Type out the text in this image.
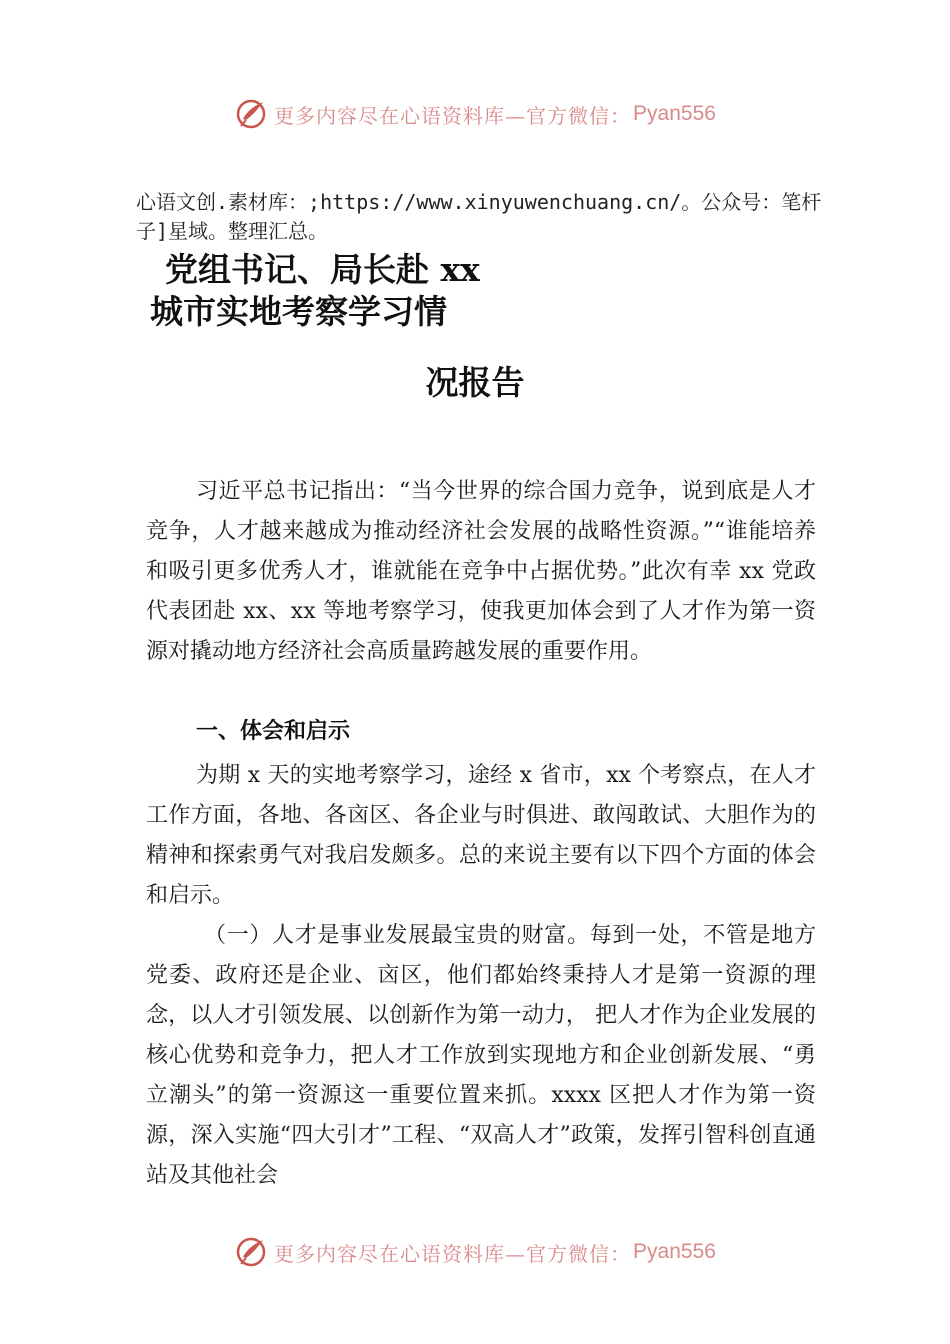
更多内容尽在心语资料库—官方微信： Pyan556

心语文创.素材库：;https://www.xinyuwenchuang.cn/。公众号：笔杆子]星域。整理汇总。

党组书记、局长赴 xx
城市实地考察学习情
况报告

习近平总书记指出：“当今世界的综合国力竞争，说到底是人才竞争，人才越来越成为推动经济社会发展的战略性资源。”“谁能培养和吸引更多优秀人才，谁就能在竞争中占据优势。”此次有幸 xx 党政代表团赴 xx、xx 等地考察学习，使我更加体会到了人才作为第一资源对撬动地方经济社会高质量跨越发展的重要作用。

一、体会和启示

为期 x 天的实地考察学习，途经 x 省市，xx 个考察点，在人才工作方面，各地、各㐫区、各企业与时俱进、敢闯敢试、大胆作为的精神和探索勇气对我启发颇多。总的来说主要有以下四个方面的体会和启示。

（一）人才是事业发展最宝贵的财富。每到一处，不管是地方党委、政府还是企业、㐫区，他们都始终秉持人才是第一资源的理念，以人才引领发展、以创新作为第一动力， 把人才作为企业发展的核心优势和竞争力，把人才工作放到实现地方和企业创新发展、“勇立潮头”的第一资源这一重要位置来抓。xxxx 区把人才作为第一资源，深入实施“四大引才”工程、“双高人才”政策，发挥引智科创直通站及其他社会

更多内容尽在心语资料库—官方微信： Pyan556
